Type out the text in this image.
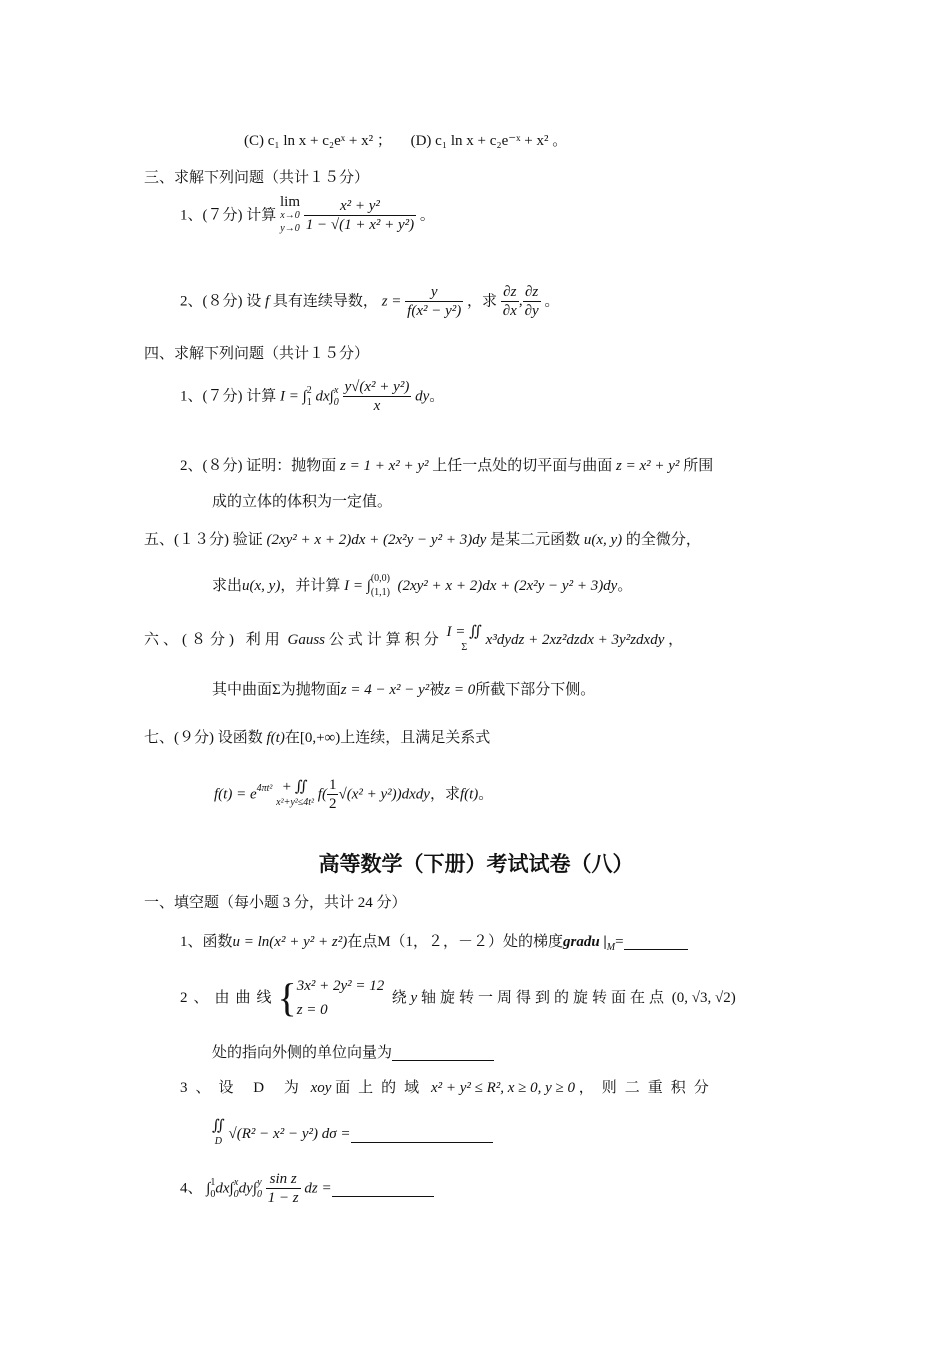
(C) c₁ ln x + c₂eˣ + x² ； (D) c₁ ln x + c₂e⁻ˣ + x² 。
三、求解下列问题（共计１５分）
1、(７分) 计算
lim
x→0
y→0
$\frac{\text{x² + y²}}{\text{1 − √(1 + x² + y²)}}$ 。
2、(８分) 设 f 具有连续导数， $z = \frac{y}{\text{f(x² − y²)}}$ ，求 $\frac{\partial z}{\partial x}$ , $\frac{\partial z}{\partial y}$ 。
四、求解下列问题（共计１５分）
1、(７分) 计算 I = ∫ 2
1 dx∫ x
0
$\frac{\text{y√(x² + y²)}}{x}$ dy。
2、(８分) 证明：抛物面 z = 1 + x² + y² 上任一点处的切平面与曲面 z = x² + y² 所围
成的立体的体积为一定值。
五、(１３分) 验证 (2xy² + x + 2)dx + (2x²y − y² + 3)dy 是某二元函数 u(x, y) 的全微分，
求出u(x, y)，并计算 I = ∫ (0,0)
(1,1) (2xy² + x + 2)dx + (2x²y − y² + 3)dy。
六、(８分) 利用 Gauss 公式计算积分 I = ∬
Σ	x³dydz + 2xz²dzdx + 3y²zdxdy ，
其中曲面Σ为抛物面z = 4 − x² − y²被z = 0所截下部分下侧。
七、(９分) 设函数 f(t)在[0,+∞)上连续，且满足关系式
$f(t) = e^{4\pi t^2}$ + ∬
x²+y²≤4t² $f( \frac{1}{2} √(x^2$ + y²))dxdy，求f(t)。
高等数学（下册）考试试卷（八）
一、填空题（每小题 3 分，共计 24 分）
1、函数u = ln(x² + y² + z²)在点M（1，２，－２）处的梯度gradu $|_M=$
2、由曲线{ 3x² + 2y² = 12
z = 0
绕 y 轴旋转一周得到的旋转面在点 (0, √3, √2)
处的指向外侧的单位向量为
3、设 D 为 xoy 面上的域 x² + y² ≤ R², x ≥ 0, y ≥ 0 ，则二重积分
∬
D √(R² − x² − y²) dσ =
4、 ∫ 1
0 dx∫ x
0 dy∫ y
0
$\frac{\text{sin z}}{1 - z}$ dz =
